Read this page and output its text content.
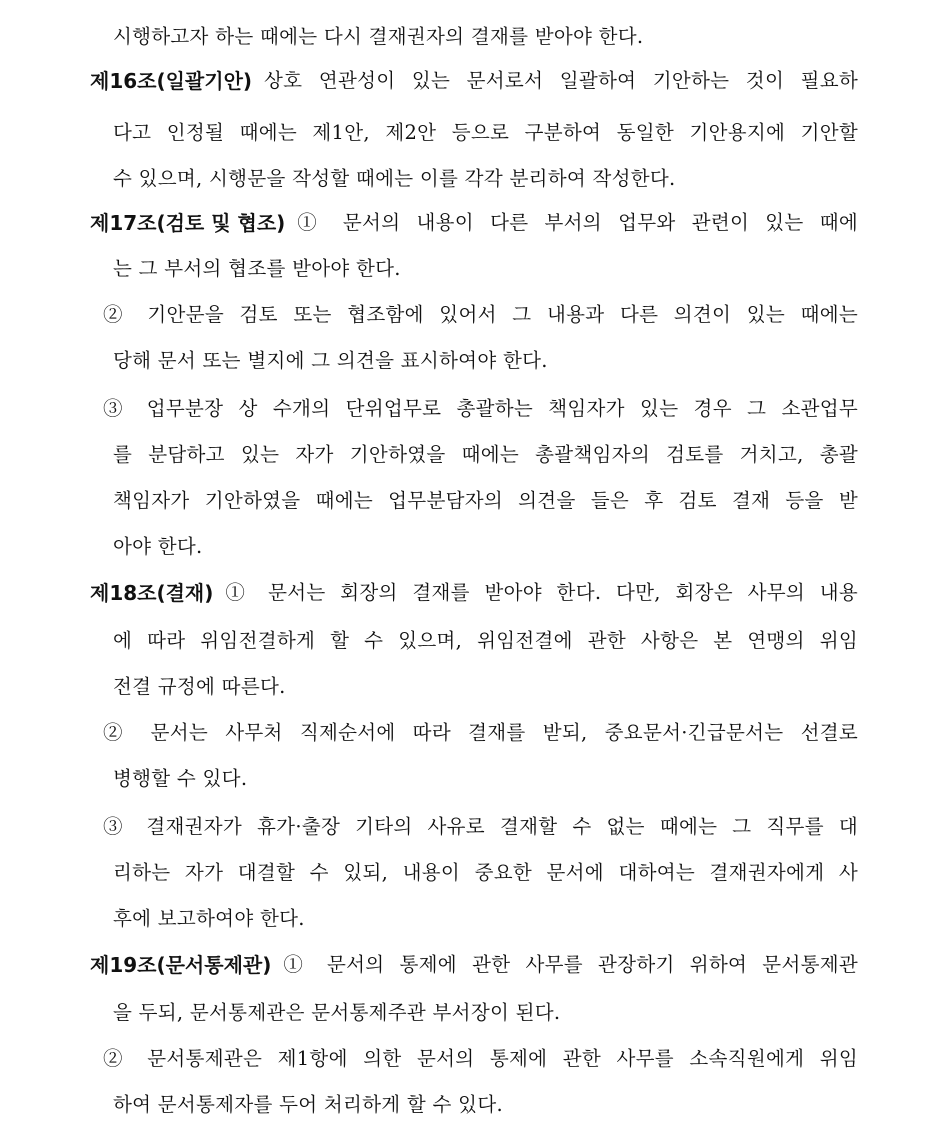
시행하고자 하는 때에는 다시 결재권자의 결재를 받아야 한다.
제16조(일괄기안) 상호 연관성이 있는 문서로서 일괄하여 기안하는 것이 필요하
다고 인정될 때에는 제1안, 제2안 등으로 구분하여 동일한 기안용지에 기안할
수 있으며, 시행문을 작성할 때에는 이를 각각 분리하여 작성한다.
제17조(검토 및 협조) ① 문서의 내용이 다른 부서의 업무와 관련이 있는 때에
는 그 부서의 협조를 받아야 한다.
② 기안문을 검토 또는 협조함에 있어서 그 내용과 다른 의견이 있는 때에는
당해 문서 또는 별지에 그 의견을 표시하여야 한다.
③ 업무분장 상 수개의 단위업무로 총괄하는 책임자가 있는 경우 그 소관업무
를 분담하고 있는 자가 기안하였을 때에는 총괄책임자의 검토를 거치고, 총괄
책임자가 기안하였을 때에는 업무분담자의 의견을 들은 후 검토 결재 등을 받
아야 한다.
제18조(결재) ① 문서는 회장의 결재를 받아야 한다. 다만, 회장은 사무의 내용
에 따라 위임전결하게 할 수 있으며, 위임전결에 관한 사항은 본 연맹의 위임
전결 규정에 따른다.
② 문서는 사무처 직제순서에 따라 결재를 받되, 중요문서·긴급문서는 선결로
병행할 수 있다.
③ 결재권자가 휴가·출장 기타의 사유로 결재할 수 없는 때에는 그 직무를 대
리하는 자가 대결할 수 있되, 내용이 중요한 문서에 대하여는 결재권자에게 사
후에 보고하여야 한다.
제19조(문서통제관) ① 문서의 통제에 관한 사무를 관장하기 위하여 문서통제관
을 두되, 문서통제관은 문서통제주관 부서장이 된다.
② 문서통제관은 제1항에 의한 문서의 통제에 관한 사무를 소속직원에게 위임
하여 문서통제자를 두어 처리하게 할 수 있다.
